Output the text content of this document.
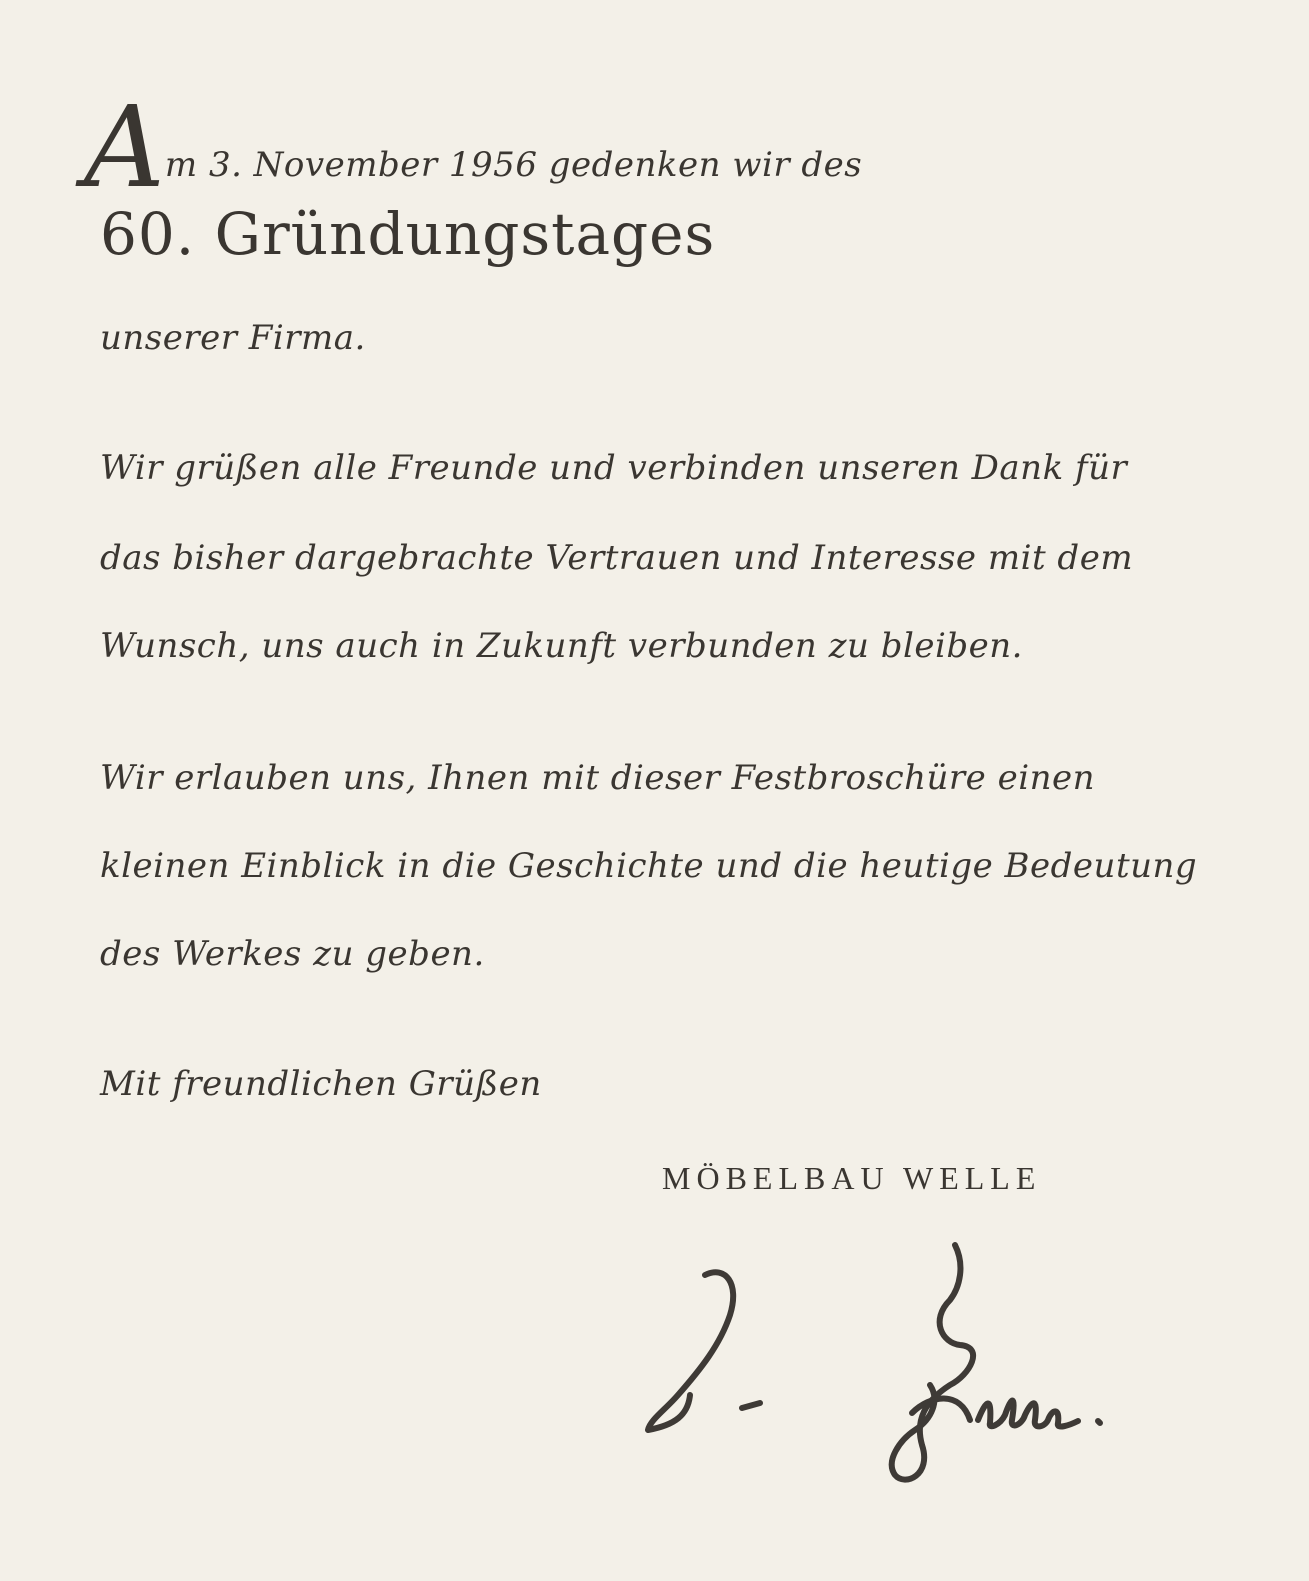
Am 3. November 1956 gedenken wir des
60. Gründungstages
unserer Firma.
Wir grüßen alle Freunde und verbinden unseren Dank für
das bisher dargebrachte Vertrauen und Interesse mit dem
Wunsch, uns auch in Zukunft verbunden zu bleiben.
Wir erlauben uns, Ihnen mit dieser Festbroschüre einen
kleinen Einblick in die Geschichte und die heutige Bedeutung
des Werkes zu geben.
Mit freundlichen Grüßen
MÖBELBAU WELLE
